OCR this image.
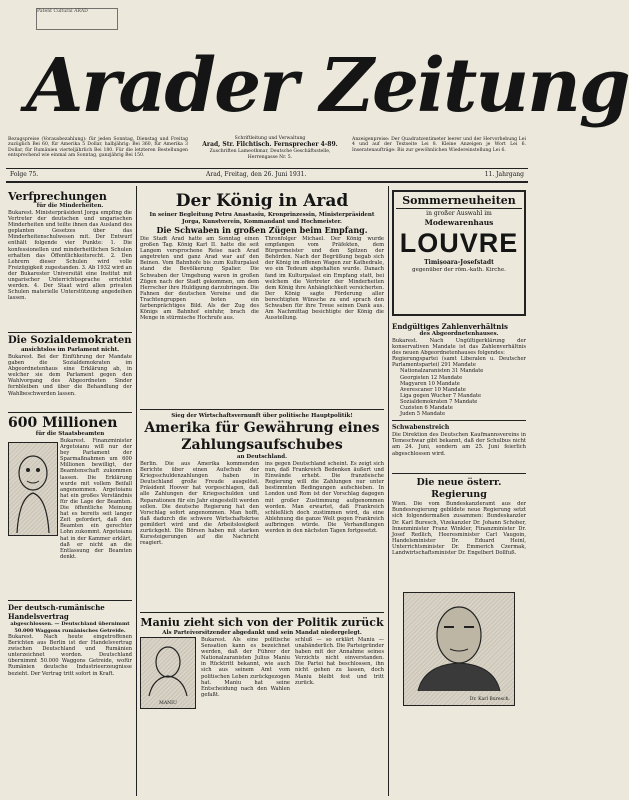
Patent Cultural ARAD
Arader Zeitung
Bezugspreise (Vorausbezahlung): für jeden Sonntag, Dienstag und Freitag zuzüglich Bei 60, für Amerika 5 Dollar, halbjährig: Bei 360, für Amerika 3 Dollar, für Rumänien vierteljährlich Bei 180. Für die letzteren Bestellungen entsprechend wie einmal am Sonntag, ganzjährig Bei 150.
Schriftleitung und Verwaltung
Arad, Str. Filchtisch. Fernsprecher 4-89.
Zuschriften Lameothmar, Deutsche Geschäftsstelle, Herrengasse Nr. 5.
Anzeigenpreise: Der Quadratzentimeter leerer und der Hervorhebung Lei 4 und auf der Textseite Lei 8. Kleine Anzeigen je Wort Lei 6. Inseratenaufträge: Bis zur gewöhnlichen Wiedereinstellung Lei 6.
Folge 75.	Arad, Freitag, den 26. Juni 1931.	11. Jahrgang
Verfprechungen
für die Minderheiten.
Bukarest. Ministerpräsident Jorga empfing die Vertreter der deutschen und ungarischen Minderheiten und teilte ihnen das Ausland des geplanten Gesetzes über das Minderheitenschulwesen mit. Der Entwurf enthält folgende vier Punkte: 1. Die konfessionellen und minderheitlichen Schulen erhalten das Öffentlichkeitsrecht. 2. Den Lehrern dieser Schulen wird volle Freizügigkeit zugestanden. 3. Ab 1932 wird an der Bukarester Universität eine Institut mit ungarischer Unterrichtssprache errichtet werden. 4. Der Staat wird allen privaten Schulen materielle Unterstützung angedeihen lassen.
Die Sozialdemokraten
ansichtslos im Parlament nicht.
Bukarest. Bei der Einführung der Mandate gaben die Sozialdemokraten im Abgeordnetenhaus eine Erklärung ab, in welcher sie dem Parlament gegen den Wahlvorgang des Abgeordneten Sinder fernbleiben und über die Behandlung der Wahlbeschwerden lassen.
600 Millionen
für die Staatsbeamten
Bukarest. Finanzminister Argetoianu will nur der bey Parlament der Sparmaßnahmen um 600 Millionen bewilligt, der Beamtenschaft zukommen lassen. Die Erklärung wurde mit vollem Beifall angenommen. Argetoianu hat ein großes Verständnis für die Lage der Beamten. Die öffentliche Meinung hat es bereits seit langer Zeit gefordert, daß den Beamten ein gerechter Lohn zukommt. Argetoianu hat in der Kammer erklärt, daß er nicht an die Entlassung der Beamten denkt.
Der deutsch-rumänische Handelsvertrag
abgeschlossen. — Deutschland übernimmt 50.000 Waggons rumänisches Getreide.
Bukarest. Nach heute eingetroffenen Berichten aus Berlin ist der Handelsvertrag zwischen Deutschland und Rumänien unterzeichnet worden. Deutschland übernimmt 50.000 Waggons Getreide, wofür Rumänien deutsche Industrieerzeugnisse bezieht. Der Vertrag tritt sofort in Kraft.
Der König in Arad
In seiner Begleitung Petru Anastasiu, Kronprinzessin, Ministerpräsident Jorga, Kunstverein, Kommandant und Hochmeister.
Die Schwaben in großen Zügen beim Empfang.
Die Stadt Arad hatte am Sonntag einen großen Tag. König Karl II. hatte die seit Langem versprochene Reise nach Arad angetreten und ganz Arad war auf den Beinen. Vom Bahnhofe bis zum Kulturpalast stand die Bevölkerung Spalier. Die Schwaben der Umgebung waren in großen Zügen nach der Stadt gekommen, um dem Herrscher ihre Huldigung darzubringen. Die Fahnen der deutschen Vereine und die Trachtengruppen boten ein farbenprächtiges Bild. Als der Zug des Königs am Bahnhof einfuhr, brach die Menge in stürmische Hochrufe aus.
Thronfolger Michael. Der König wurde empfangen vom Präfekten, dem Bürgermeister und den Spitzen der Behörden. Nach der Begrüßung begab sich der König im offenen Wagen zur Kathedrale, wo ein Tedeum abgehalten wurde. Danach fand im Kulturpalast ein Empfang statt, bei welchem die Vertreter der Minderheiten dem König ihre Anhänglichkeit versicherten. Der König sagte Förderung aller berechtigten Wünsche zu und sprach den Schwaben für ihre Treue seinen Dank aus. Am Nachmittag besichtigte der König die Ausstellung.
Sieg der Wirtschaftsvernunft über politische Hauptpolitik!
Amerika für Gewährung eines Zahlungsaufschubes
an Deutschland.
Berlin. Die aus Amerika kommenden Berichte über einen Aufschub der Kriegsschuldenzahlungen haben in Deutschland große Freude ausgelöst. Präsident Hoover hat vorgeschlagen, daß alle Zahlungen der Kriegsschulden und Reparationen für ein Jahr eingestellt werden sollen. Die deutsche Regierung hat den Vorschlag sofort angenommen. Man hofft, daß dadurch die schwere Wirtschaftskrise gemildert wird und die Arbeitslosigkeit zurückgeht. Die Börsen haben mit starken Kurssteigerungen auf die Nachricht reagiert.
ins gegen Deutschland scheint. Es zeigt sich nun, daß Frankreich Bedenken äußert und Einwände erhebt. Die französische Regierung will die Zahlungen nur unter bestimmten Bedingungen aufschieben. In London und Rom ist der Vorschlag dagegen mit großer Zustimmung aufgenommen worden. Man erwartet, daß Frankreich schließlich doch zustimmen wird, da eine Ablehnung die ganze Welt gegen Frankreich aufbringen würde. Die Verhandlungen werden in den nächsten Tagen fortgesetzt.
Maniu zieht sich von der Politik zurück
Als Parteivorsitzender abgedankt und sein Mandat niedergelegt.
MANIU
Bukarest. Als eine politische Sensation kann es bezeichnet werden, daß der Führer der Nationalzaranisten Julius Maniu in Rücktritt bekannt, wie auch sich aus seinem Amt vom politischen Leben zurückgezogen hat. Maniu hat seine Entscheidung nach den Wahlen gefaßt.
schluß — so erklärt Maniu — unabänderlich. Die Parteigründer haben mit der Annahme seines Verzichts nicht einverstanden. Die Partei hat beschlossen, ihn nicht gehen zu lassen, doch Maniu bleibt fest und tritt zurück.
Sommerneuheiten
in großer Auswahl im
Modewarenhaus
LOUVRE
Timișoara-Josefstadt
gegenüber der röm.-kath. Kirche.
Endgültiges Zahlenverhältnis
des Abgeordnetenhauses.
Bukarest. Nach Ungültigerklärung der konservativen Mandate ist das Zahlenverhältnis des neuen Abgeordnetenhauses folgendes:
Regierungspartei (samt Liberalen u. Deutscher Parlamentspartei) 291 Mandate
Nationalzaranisten 31 Mandate
Georgisten 12 Mandate
Magyaren 10 Mandate
Averescaner 10 Mandate
Liga gegen Wucher 7 Mandate
Sozialdemokraten 7 Mandate
Cuzisten 6 Mandate
Juden 5 Mandate
Schwabenstreich
Die Direktion des Deutschen Kaufmannsvereins in Temeschwar gibt bekannt, daß der Schulbus nicht am 24. Juni, sondern am 25. Juni feierlich abgeschlossen wird.
Die neue österr. Regierung
Wien. Die vom Bundeskanzleramt aus der Bundesregierung gebildete neue Regierung setzt sich folgendermaßen zusammen: Bundeskanzler Dr. Karl Buresch, Vizekanzler Dr. Johann Schober, Innenminister Franz Winkler, Finanzminister Dr. Josef Redlich, Heeresminister Carl Vaugoin, Handelsminister Dr. Eduard Heinl, Unterrichtsminister Dr. Emmerich Czermak, Landwirtschaftsminister Dr. Engelbert Dollfuß.
Dr. Karl Buresch.
